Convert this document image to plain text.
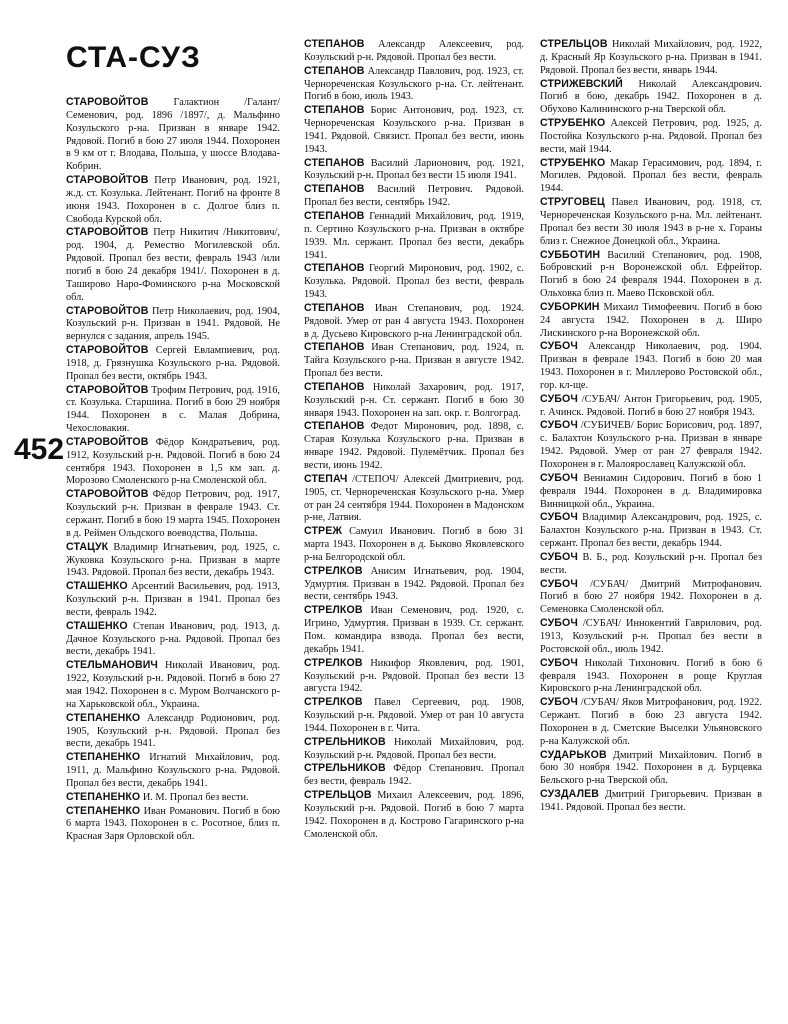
СТА-СУЗ
452

СТАРОВОЙТОВ Галактион /Галант/ Семенович, род. 1896 /1897/, д. Мальфино Козульского р-на. Призван в январе 1942. Рядовой. Погиб в бою 27 июля 1944. Похоронен в 9 км от г. Влодава, Польша, у шоссе Влодава-Кобрин.

СТАРОВОЙТОВ Петр Иванович, род. 1921, ж.д. ст. Козулька. Лейтенант. Погиб на фронте 8 июня 1943. Похоронен в с. Долгое близ п. Свобода Курской обл.

СТАРОВОЙТОВ Петр Никитич /Никитович/, род. 1904, д. Ремество Могилевской обл. Рядовой. Пропал без вести, февраль 1943 /или погиб в бою 24 декабря 1941/. Похоронен в д. Таширово Наро-Фоминского р-на Московской обл.

СТАРОВОЙТОВ Петр Николаевич, род. 1904, Козульский р-н. Призван в 1941. Рядовой. Не вернулся с задания, апрель 1945.

СТАРОВОЙТОВ Сергей Евлампиевич, род. 1918, д. Грязнушка Козульского р-на. Рядовой. Пропал без вести, октябрь 1943.

СТАРОВОЙТОВ Трофим Петрович, род. 1916, ст. Козулька. Старшина. Погиб в бою 29 ноября 1944. Похоронен в с. Малая Добрина, Чехословакия.

СТАРОВОЙТОВ Фёдор Кондратьевич, род. 1912, Козульский р-н. Рядовой. Погиб в бою 24 сентября 1943. Похоронен в 1,5 км зап. д. Морозово Смоленского р-на Смоленской обл.

СТАРОВОЙТОВ Фёдор Петрович, род. 1917, Козульский р-н. Призван в феврале 1943. Ст. сержант. Погиб в бою 19 марта 1945. Похоронен в д. Реймен Ольдского воеводства, Польша.

СТАЦУК Владимир Игнатьевич, род. 1925, с. Жуковка Козульского р-на. Призван в марте 1943. Рядовой. Пропал без вести, декабрь 1943.

СТАШЕНКО Арсентий Васильевич, род. 1913, Козульский р-н. Призван в 1941. Пропал без вести, февраль 1942.

СТАШЕНКО Степан Иванович, род. 1913, д. Дачное Козульского р-на. Рядовой. Пропал без вести, декабрь 1941.

СТЕЛЬМАНОВИЧ Николай Иванович, род. 1922, Козульский р-н. Рядовой. Погиб в бою 27 мая 1942. Похоронен в с. Муром Волчанского р-на Харьковской обл., Украина.

СТЕПАНЕНКО Александр Родионович, род. 1905, Козульский р-н. Рядовой. Пропал без вести, декабрь 1941.

СТЕПАНЕНКО Игнатий Михайлович, род. 1911, д. Мальфино Козульского р-на. Рядовой. Пропал без вести, декабрь 1941.

СТЕПАНЕНКО И. М. Пропал без вести.

СТЕПАНЕНКО Иван Романович. Погиб в бою 6 марта 1943. Похоронен в с. Росотное, близ п. Красная Заря Орловской обл.

СТЕПАНОВ Александр Алексеевич, род. Козульский р-н. Рядовой. Пропал без вести.

СТЕПАНОВ Александр Павлович, род. 1923, ст. Чернореченская Козульского р-на. Ст. лейтенант. Погиб в бою, июль 1943.

СТЕПАНОВ Борис Антонович, род. 1923, ст. Чернореченская Козульского р-на. Призван в 1941. Рядовой. Связист. Пропал без вести, июнь 1943.

СТЕПАНОВ Василий Ларионович, род. 1921, Козульский р-н. Пропал без вести 15 июля 1941.

СТЕПАНОВ Василий Петрович. Рядовой. Пропал без вести, сентябрь 1942.

СТЕПАНОВ Геннадий Михайлович, род. 1919, п. Сертино Козульского р-на. Призван в октябре 1939. Мл. сержант. Пропал без вести, декабрь 1941.

СТЕПАНОВ Георгий Миронович, род. 1902, с. Козулька. Рядовой. Пропал без вести, февраль 1943.

СТЕПАНОВ Иван Степанович, род. 1924. Рядовой. Умер от ран 4 августа 1943. Похоронен в д. Дусьево Кировского р-на Ленинградской обл.

СТЕПАНОВ Иван Степанович, род. 1924, п. Тайга Козульского р-на. Призван в августе 1942. Пропал без вести.

СТЕПАНОВ Николай Захарович, род. 1917, Козульский р-н. Ст. сержант. Погиб в бою 30 января 1943. Похоронен на зап. окр. г. Волгоград.

СТЕПАНОВ Федот Миронович, род. 1898, с. Старая Козулька Козульского р-на. Призван в январе 1942. Рядовой. Пулемётчик. Пропал без вести, июнь 1942.

СТЕПАЧ /СТЕПОЧ/ Алексей Дмитриевич, род. 1905, ст. Чернореченская Козульского р-на. Умер от ран 24 сентября 1944. Похоронен в Мадонском р-не, Латвия.

СТРЕЖ Самуил Иванович. Погиб в бою 31 марта 1943. Похоронен в д. Быково Яковлевского р-на Белгородской обл.

СТРЕЛКОВ Анисим Игнатьевич, род. 1904, Удмуртия. Призван в 1942. Рядовой. Пропал без вести, сентябрь 1943.

СТРЕЛКОВ Иван Семенович, род. 1920, с. Игрино, Удмуртия. Призван в 1939. Ст. сержант. Пом. командира взвода. Пропал без вести, декабрь 1941.

СТРЕЛКОВ Никифор Яковлевич, род. 1901, Козульский р-н. Рядовой. Пропал без вести 13 августа 1942.

СТРЕЛКОВ Павел Сергеевич, род. 1908, Козульский р-н. Рядовой. Умер от ран 10 августа 1944. Похоронен в г. Чита.

СТРЕЛЬНИКОВ Николай Михайлович, род. Козульский р-н. Рядовой. Пропал без вести.

СТРЕЛЬНИКОВ Фёдор Степанович. Пропал без вести, февраль 1942.

СТРЕЛЬЦОВ Михаил Алексеевич, род. 1896, Козульский р-н. Рядовой. Погиб в бою 7 марта 1942. Похоронен в д. Кострово Гагаринского р-на Смоленской обл.

СТРЕЛЬЦОВ Николай Михайлович, род. 1922, д. Красный Яр Козульского р-на. Призван в 1941. Рядовой. Пропал без вести, январь 1944.

СТРИЖЕВСКИЙ Николай Александрович. Погиб в бою, декабрь 1942. Похоронен в д. Обухово Калининского р-на Тверской обл.

СТРУБЕНКО Алексей Петрович, род. 1925, д. Постойка Козульского р-на. Рядовой. Пропал без вести, май 1944.

СТРУБЕНКО Макар Герасимович, род. 1894, г. Могилев. Рядовой. Пропал без вести, февраль 1944.

СТРУГОВЕЦ Павел Иванович, род. 1918, ст. Чернореченская Козульского р-на. Мл. лейтенант. Пропал без вести 30 июля 1943 в р-не х. Гораны близ г. Снежное Донецкой обл., Украина.

СУББОТИН Василий Степанович, род. 1908, Бобровский р-н Воронежской обл. Ефрейтор. Погиб в бою 24 февраля 1944. Похоронен в д. Ольховка близ п. Маево Псковской обл.

СУБОРКИН Михаил Тимофеевич. Погиб в бою 24 августа 1942. Похоронен в д. Широ Лискинского р-на Воронежской обл.

СУБОЧ Александр Николаевич, род. 1904. Призван в феврале 1943. Погиб в бою 20 мая 1943. Похоронен в г. Миллерово Ростовской обл., гор. кл-ще.

СУБОЧ /СУБАЧ/ Антон Григорьевич, род. 1905, г. Ачинск. Рядовой. Погиб в бою 27 ноября 1943.

СУБОЧ /СУБИЧЕВ/ Борис Борисович, род. 1897, с. Балахтон Козульского р-на. Призван в январе 1942. Рядовой. Умер от ран 27 февраля 1942. Похоронен в г. Малоярославец Калужской обл.

СУБОЧ Вениамин Сидорович. Погиб в бою 1 февраля 1944. Похоронен в д. Владимировка Винницкой обл., Украина.

СУБОЧ Владимир Александрович, род. 1925, с. Балахтон Козульского р-на. Призван в 1943. Ст. сержант. Пропал без вести, декабрь 1944.

СУБОЧ В. Б., род. Козульский р-н. Пропал без вести.

СУБОЧ /СУБАЧ/ Дмитрий Митрофанович. Погиб в бою 27 ноября 1942. Похоронен в д. Семеновка Смоленской обл.

СУБОЧ /СУБАЧ/ Иннокентий Гаврилович, род. 1913, Козульский р-н. Пропал без вести в Ростовской обл., июль 1942.

СУБОЧ Николай Тихонович. Погиб в бою 6 февраля 1943. Похоронен в роще Круглая Кировского р-на Ленинградской обл.

СУБОЧ /СУБАЧ/ Яков Митрофанович, род. 1922. Сержант. Погиб в бою 23 августа 1942. Похоронен в д. Сметские Выселки Ульяновского р-на Калужской обл.

СУДАРЬКОВ Дмитрий Михайлович. Погиб в бою 30 ноября 1942. Похоронен в д. Бурцевка Бельского р-на Тверской обл.

СУЗДАЛЕВ Дмитрий Григорьевич. Призван в 1941. Рядовой. Пропал без вести.
